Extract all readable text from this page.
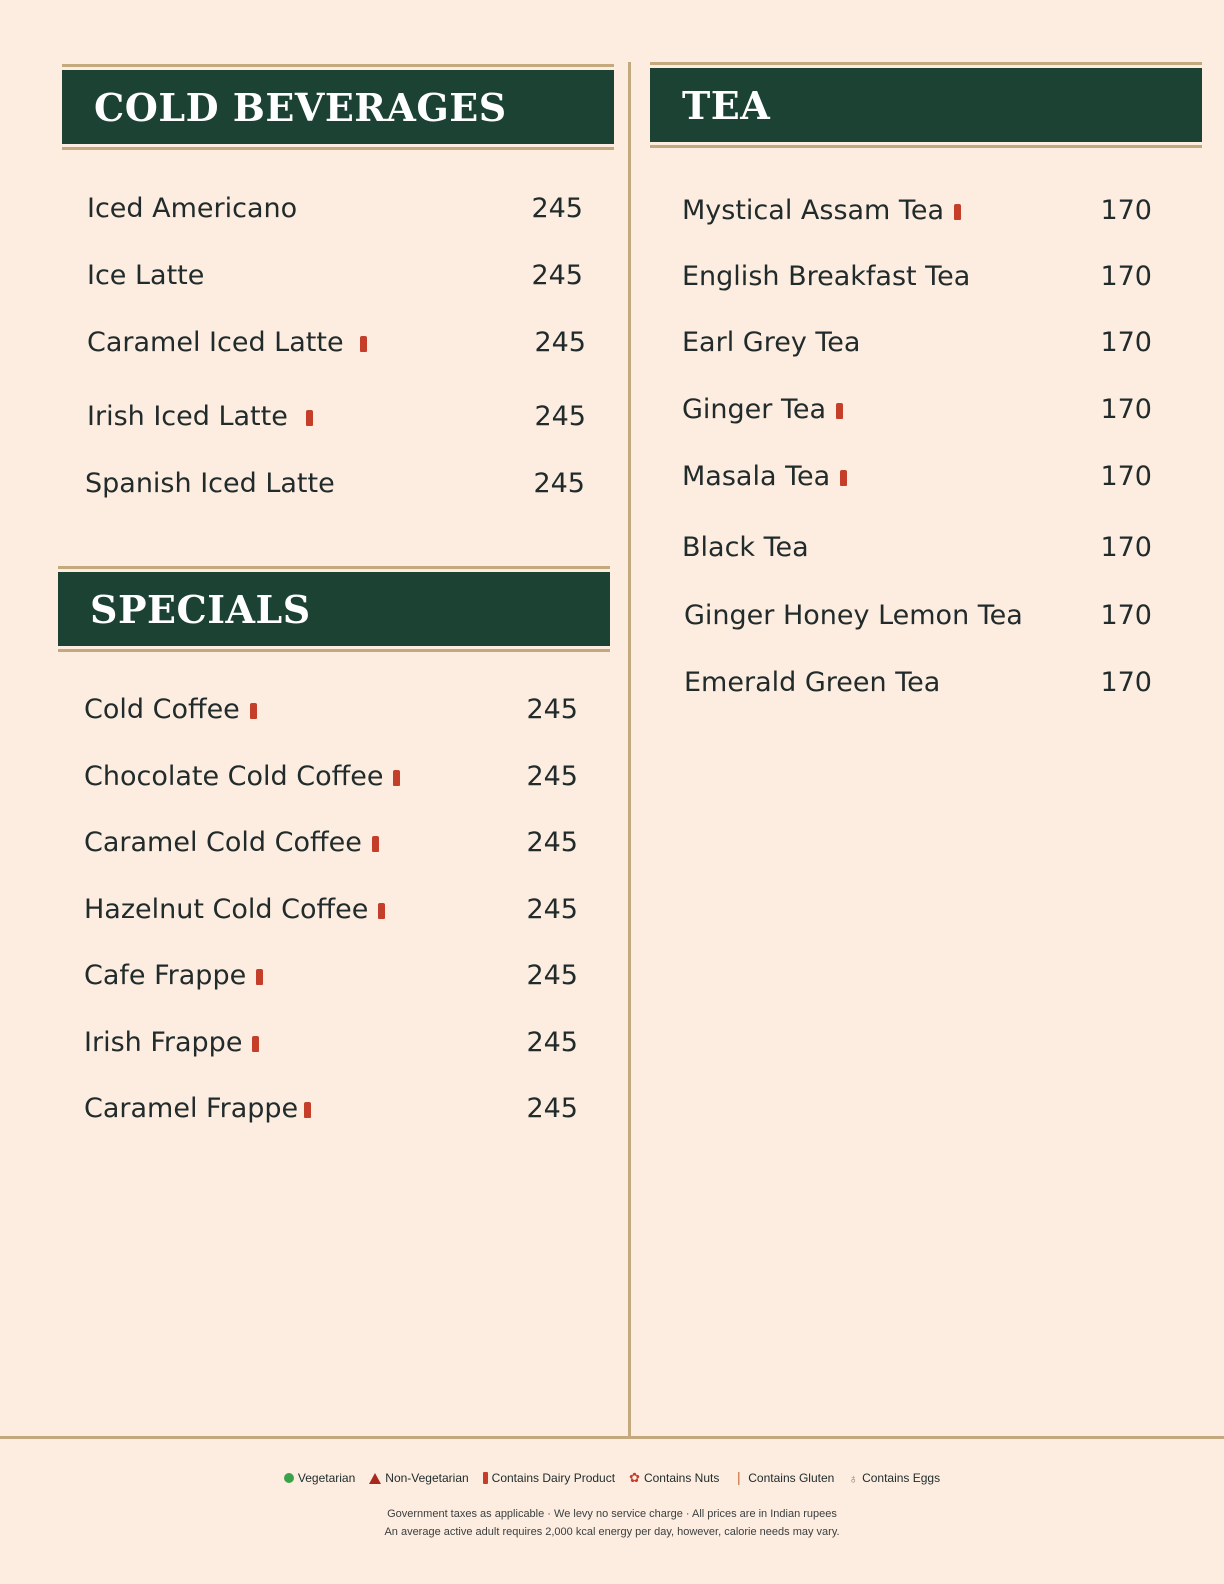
COLD BEVERAGES
SPECIALS
TEA
Iced Americano	245
Ice Latte	245
Caramel Iced Latte	245
Irish Iced Latte	245
Spanish Iced Latte	245
Cold Coffee	245
Chocolate Cold Coffee	245
Caramel Cold Coffee	245
Hazelnut Cold Coffee	245
Cafe Frappe	245
Irish Frappe	245
Caramel Frappe	245
Mystical Assam Tea	170
English Breakfast Tea	170
Earl Grey Tea	170
Ginger Tea	170
Masala Tea	170
Black Tea	170
Ginger Honey Lemon Tea	170
Emerald Green Tea	170
Vegetarian	Non-Vegetarian Contains Dairy Product ✿ Contains Nuts ❘ Contains Gluten ♁ Contains Eggs
Government taxes as applicable · We levy no service charge · All prices are in Indian rupees
An average active adult requires 2,000 kcal energy per day, however, calorie needs may vary.
